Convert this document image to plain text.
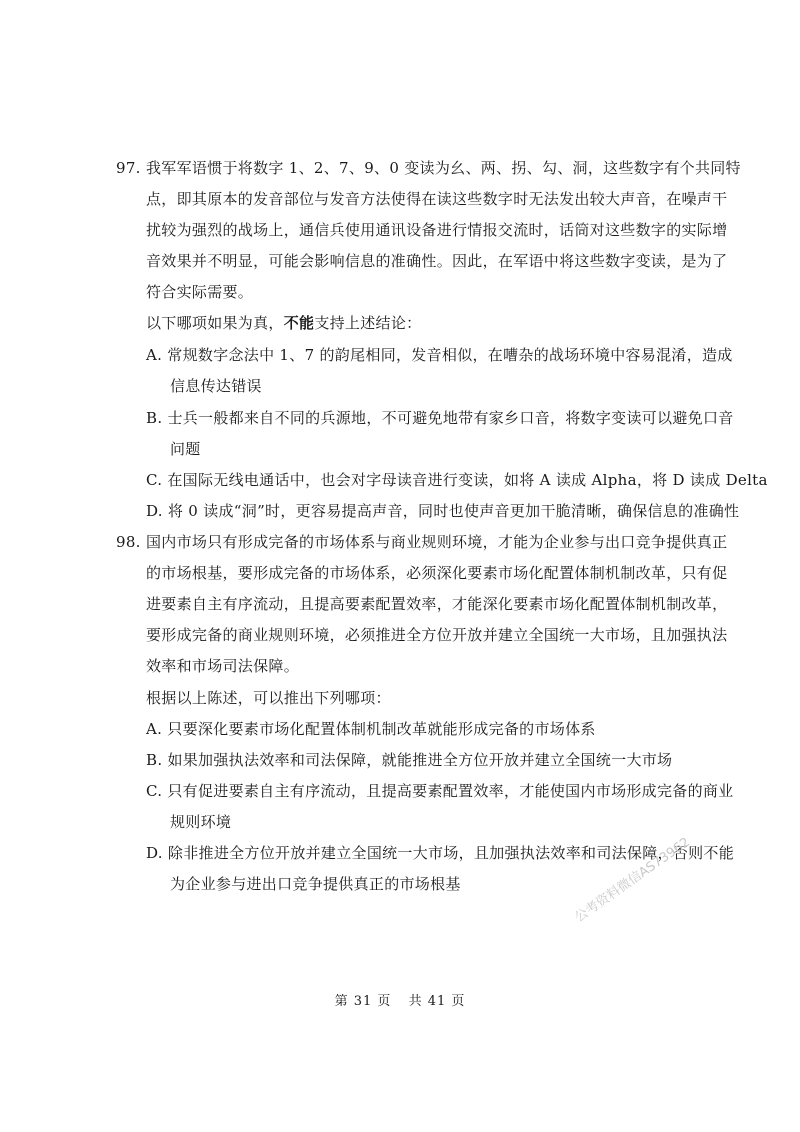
97. 我军军语惯于将数字 1、2、7、9、0 变读为幺、两、拐、勾、洞，这些数字有个共同特
点，即其原本的发音部位与发音方法使得在读这些数字时无法发出较大声音，在噪声干
扰较为强烈的战场上，通信兵使用通讯设备进行情报交流时，话筒对这些数字的实际增
音效果并不明显，可能会影响信息的准确性。因此，在军语中将这些数字变读，是为了
符合实际需要。
以下哪项如果为真，不能支持上述结论：
A. 常规数字念法中 1、7 的韵尾相同，发音相似，在嘈杂的战场环境中容易混淆，造成
信息传达错误
B. 士兵一般都来自不同的兵源地，不可避免地带有家乡口音，将数字变读可以避免口音
问题
C. 在国际无线电通话中，也会对字母读音进行变读，如将 A 读成 Alpha，将 D 读成 Delta
D. 将 0 读成“洞”时，更容易提高声音，同时也使声音更加干脆清晰，确保信息的准确性
98. 国内市场只有形成完备的市场体系与商业规则环境，才能为企业参与出口竞争提供真正
的市场根基，要形成完备的市场体系，必须深化要素市场化配置体制机制改革，只有促
进要素自主有序流动，且提高要素配置效率，才能深化要素市场化配置体制机制改革，
要形成完备的商业规则环境，必须推进全方位开放并建立全国统一大市场，且加强执法
效率和市场司法保障。
根据以上陈述，可以推出下列哪项：
A. 只要深化要素市场化配置体制机制改革就能形成完备的市场体系
B. 如果加强执法效率和司法保障，就能推进全方位开放并建立全国统一大市场
C. 只有促进要素自主有序流动，且提高要素配置效率，才能使国内市场形成完备的商业
规则环境
D. 除非推进全方位开放并建立全国统一大市场，且加强执法效率和司法保障，否则不能
为企业参与进出口竞争提供真正的市场根基	公考资料微信AS73962
第 31 页 共 41 页
